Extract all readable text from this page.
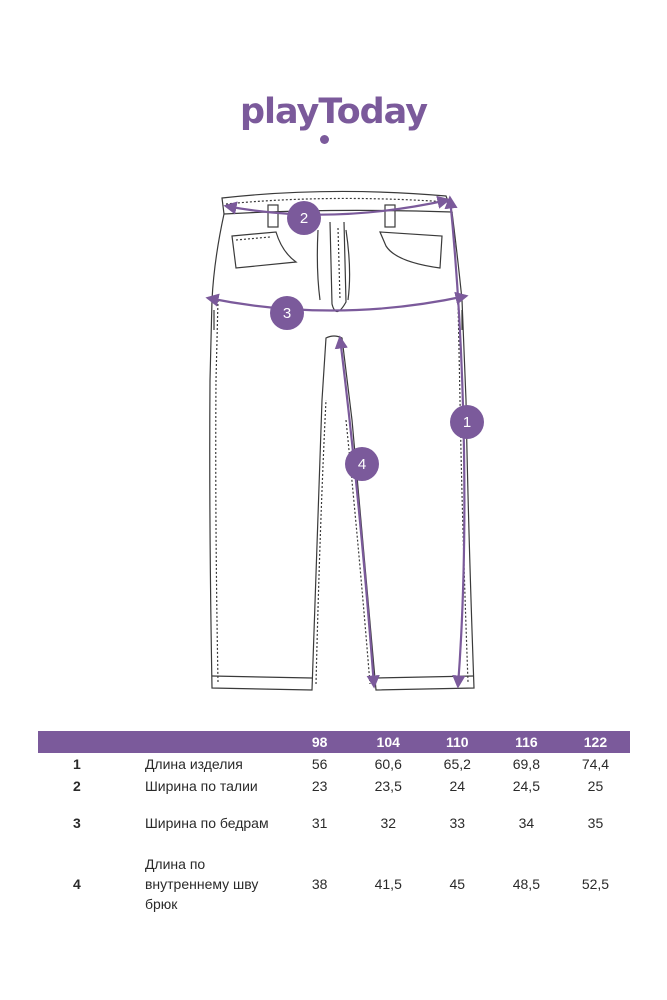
playToday
2
3
1
4
		98	104	110	116	122
1	Длина изделия	56	60,6	65,2	69,8	74,4
2	Ширина по талии	23	23,5	24	24,5	25
3	Ширина по бедрам	31	32	33	34	35
4	Длина по внутреннему шву брюк	38	41,5	45	48,5	52,5
